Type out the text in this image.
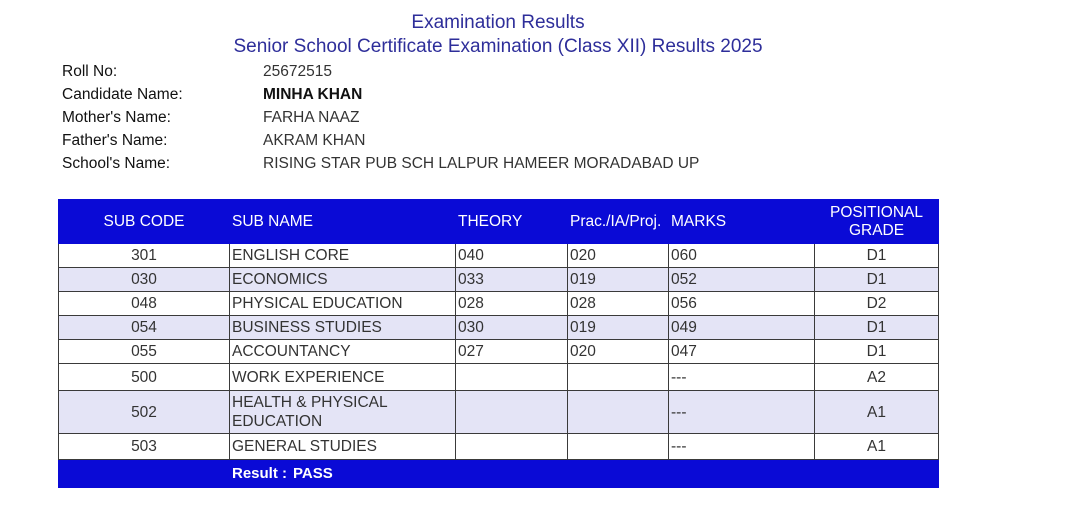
Examination Results
Senior School Certificate Examination (Class XII) Results 2025
Roll No:	25672515
Candidate Name:	MINHA KHAN
Mother's Name:	FARHA NAAZ
Father's Name:	AKRAM KHAN
School's Name:	RISING STAR PUB SCH LALPUR HAMEER MORADABAD UP
SUB CODE	SUB NAME	THEORY	Prac./IA/Proj.	MARKS	POSITIONAL
GRADE

301	ENGLISH CORE	040	020	060	D1
030	ECONOMICS	033	019	052	D1
048	PHYSICAL EDUCATION	028	028	056	D2
054	BUSINESS STUDIES	030	019	049	D1
055	ACCOUNTANCY	027	020	047	D1
500	WORK EXPERIENCE			---	A2
502	HEALTH & PHYSICAL EDUCATION			---	A1
503	GENERAL STUDIES			---	A1
	Result : PASS				
